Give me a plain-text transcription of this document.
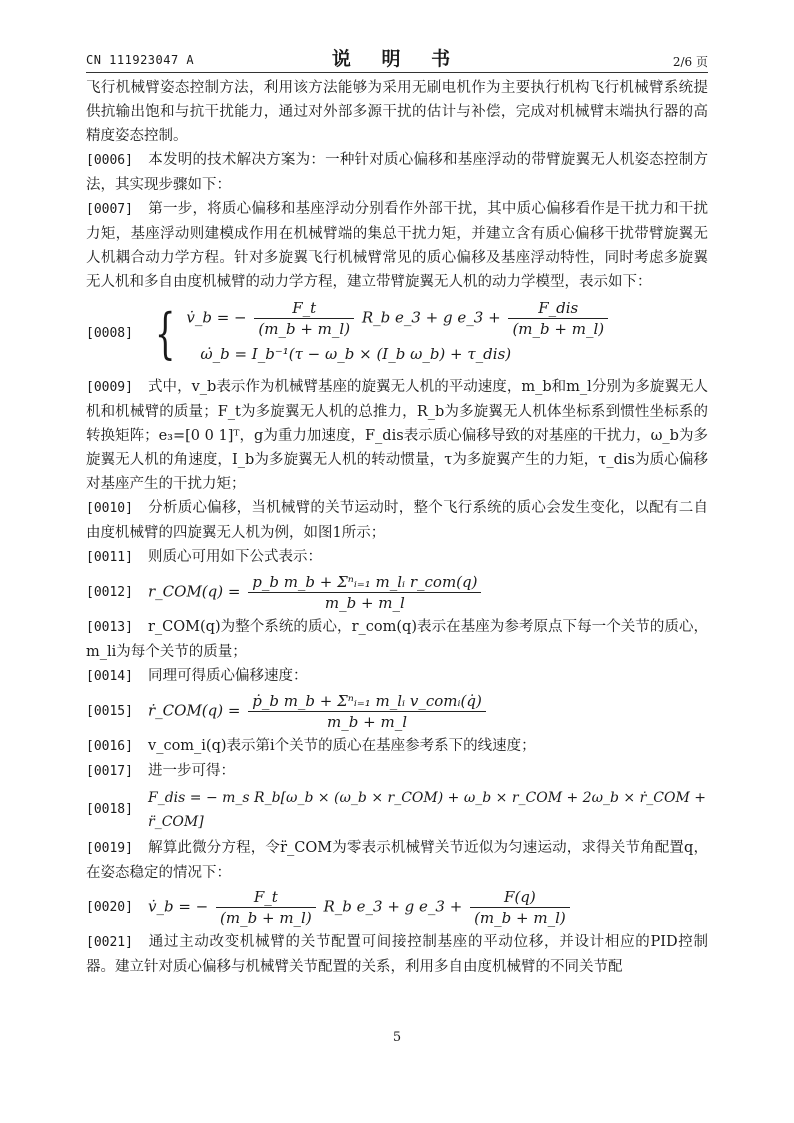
CN 111923047 A	说 明 书	2/6 页

飞行机械臂姿态控制方法，利用该方法能够为采用无刷电机作为主要执行机构飞行机械臂系统提供抗输出饱和与抗干扰能力，通过对外部多源干扰的估计与补偿，完成对机械臂末端执行器的高精度姿态控制。

[0006] 本发明的技术解决方案为：一种针对质心偏移和基座浮动的带臂旋翼无人机姿态控制方法，其实现步骤如下：

[0007] 第一步，将质心偏移和基座浮动分别看作外部干扰，其中质心偏移看作是干扰力和干扰力矩，基座浮动则建模成作用在机械臂端的集总干扰力矩，并建立含有质心偏移干扰带臂旋翼无人机耦合动力学方程。针对多旋翼飞行机械臂常见的质心偏移及基座浮动特性，同时考虑多旋翼无人机和多自由度机械臂的动力学方程，建立带臂旋翼无人机的动力学模型，表示如下：

[0008] { v̇_b = − $\frac{F\_t}{(m\_b + m\_l)}$ R_b e_3 + g e_3 + $\frac{\text{F\_dis}}{(m\_b + m\_l)}$
ω̇_b = I_b⁻¹(τ − ω_b × (I_b ω_b) + τ_dis)

[0009] 式中，v_b表示作为机械臂基座的旋翼无人机的平动速度，m_b和m_l分别为多旋翼无人机和机械臂的质量；F_t为多旋翼无人机的总推力，R_b为多旋翼无人机体坐标系到惯性坐标系的转换矩阵；e₃=[0 0 1]ᵀ，g为重力加速度，F_dis表示质心偏移导致的对基座的干扰力，ω_b为多旋翼无人机的角速度，I_b为多旋翼无人机的转动惯量，τ为多旋翼产生的力矩，τ_dis为质心偏移对基座产生的干扰力矩；

[0010] 分析质心偏移，当机械臂的关节运动时，整个飞行系统的质心会发生变化，以配有二自由度机械臂的四旋翼无人机为例，如图1所示；

[0011] 则质心可用如下公式表示：

[0012]	r_COM(q) = $\frac{\text{p\_b m\_b + Σⁿᵢ₌₁ m\_lᵢ r\_com(q)}}{m\_b + m\_l}$

[0013] r_COM(q)为整个系统的质心，r_com(q)表示在基座为参考原点下每一个关节的质心，m_li为每个关节的质量；

[0014] 同理可得质心偏移速度：

[0015]	ṙ_COM(q) = $\frac{\text{ṗ\_b m\_b + Σⁿᵢ₌₁ m\_lᵢ v\_comᵢ(q̇)}}{m\_b + m\_l}$

[0016] v_com_i(q)表示第i个关节的质心在基座参考系下的线速度；

[0017] 进一步可得：

[0018]
F_dis = − m_s R_b[ω_b × (ω_b × r_COM) + ω_b × r_COM + 2ω_b × ṙ_COM + r̈_COM]

[0019] 解算此微分方程，令r̈_COM为零表示机械臂关节近似为匀速运动，求得关节角配置q，在姿态稳定的情况下：

[0020]	v̇_b = − $\frac{F\_t}{(m\_b + m\_l)}$ R_b e_3 + g e_3 + $\frac{F(q)}{(m\_b + m\_l)}$

[0021] 通过主动改变机械臂的关节配置可间接控制基座的平动位移，并设计相应的PID控制器。建立针对质心偏移与机械臂关节配置的关系，利用多自由度机械臂的不同关节配

5
